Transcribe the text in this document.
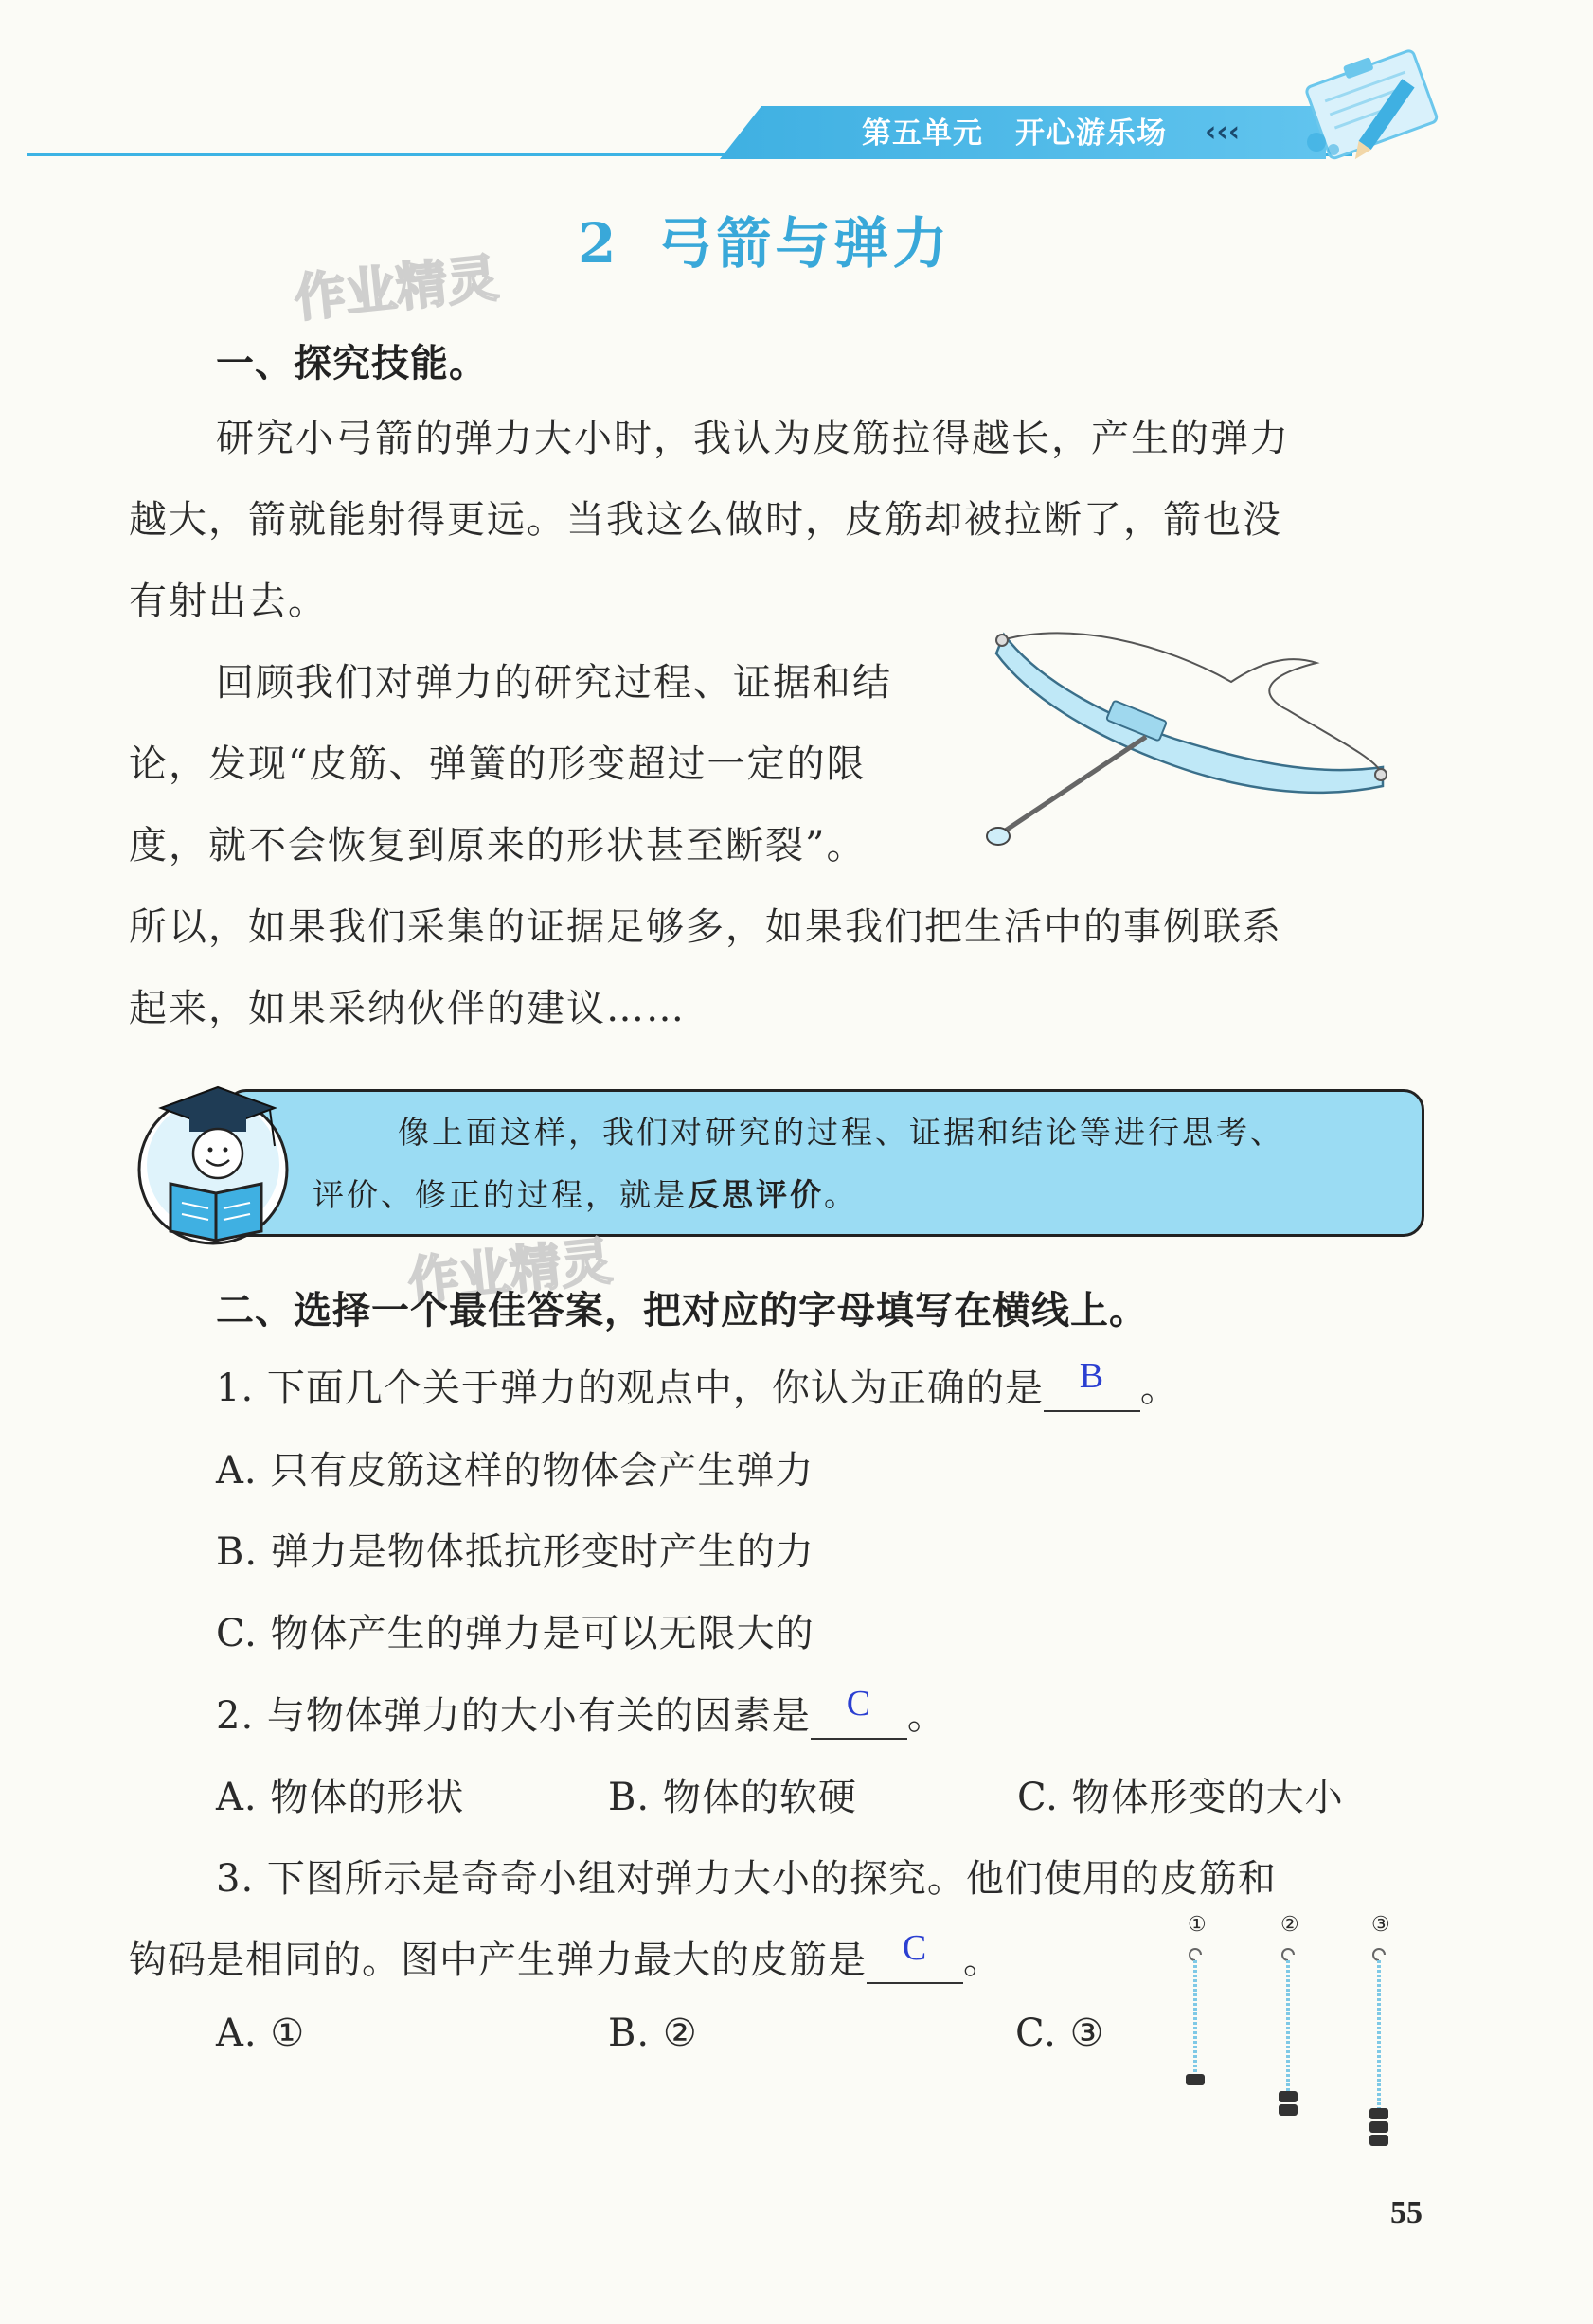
第五单元 开心游乐场 ‹‹‹
2 弓箭与弹力
作业精灵
一、探究技能。
研究小弓箭的弹力大小时，我认为皮筋拉得越长，产生的弹力
越大，箭就能射得更远。当我这么做时，皮筋却被拉断了，箭也没
有射出去。
回顾我们对弹力的研究过程、证据和结
论，发现“皮筋、弹簧的形变超过一定的限
度，就不会恢复到原来的形状甚至断裂”。
所以，如果我们采集的证据足够多，如果我们把生活中的事例联系
起来，如果采纳伙伴的建议……
像上面这样，我们对研究的过程、证据和结论等进行思考、
评价、修正的过程，就是反思评价。
作业精灵
二、选择一个最佳答案，把对应的字母填写在横线上。
1. 下面几个关于弹力的观点中，你认为正确的是 B 。
A. 只有皮筋这样的物体会产生弹力
B. 弹力是物体抵抗形变时产生的力
C. 物体产生的弹力是可以无限大的
2. 与物体弹力的大小有关的因素是 C 。
A. 物体的形状	B. 物体的软硬	C. 物体形变的大小
3. 下图所示是奇奇小组对弹力大小的探究。他们使用的皮筋和
钩码是相同的。图中产生弹力最大的皮筋是 C 。
A. ①	B. ②	C. ③
①	②	③
55
